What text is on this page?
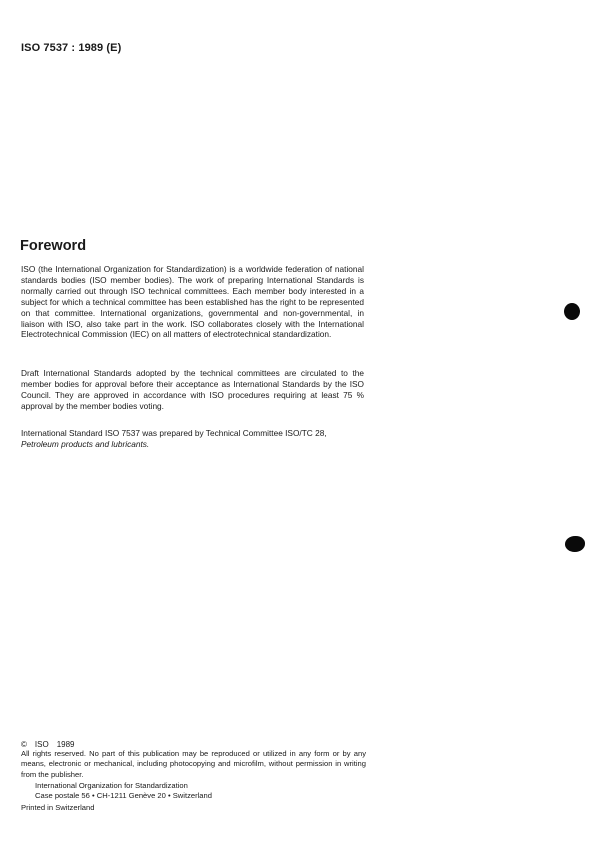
ISO 7537 : 1989 (E)
Foreword

ISO (the International Organization for Standardization) is a worldwide federation of national standards bodies (ISO member bodies). The work of preparing International Standards is normally carried out through ISO technical committees. Each member body interested in a subject for which a technical committee has been established has the right to be represented on that committee. International organizations, governmental and non-governmental, in liaison with ISO, also take part in the work. ISO collaborates closely with the International Electrotechnical Commission (IEC) on all matters of electrotechnical standardization.

Draft International Standards adopted by the technical committees are circulated to the member bodies for approval before their acceptance as International Standards by the ISO Council. They are approved in accordance with ISO procedures requiring at least 75 % approval by the member bodies voting.

International Standard ISO 7537 was prepared by Technical Committee ISO/TC 28,
Petroleum products and lubricants.

© ISO 1989

All rights reserved. No part of this publication may be reproduced or utilized in any form or by any means, electronic or mechanical, including photocopying and microfilm, without permission in writing from the publisher.

International Organization for Standardization
Case postale 56 • CH-1211 Genève 20 • Switzerland
Printed in Switzerland
